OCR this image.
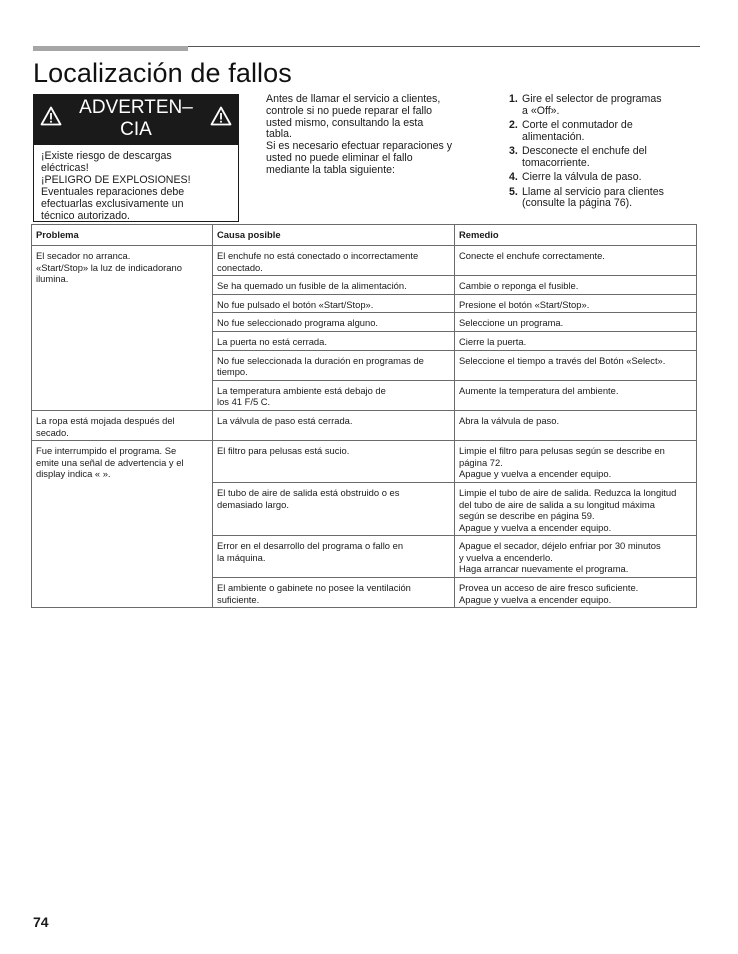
Localización de fallos
ADVERTEN–
CIA
¡Existe riesgo de descargas
eléctricas!
¡PELIGRO DE EXPLOSIONES!
Eventuales reparaciones debe
efectuarlas exclusivamente un
técnico autorizado.

Antes de llamar el servicio a clientes,
controle si no puede reparar el fallo
usted mismo, consultando la esta
tabla.

Si es necesario efectuar reparaciones y
usted no puede eliminar el fallo
mediante la tabla siguiente:

1. Gire el selector de programas
a «Off».
2. Corte el conmutador de
alimentación.
3. Desconecte el enchufe del
tomacorriente.
4. Cierre la válvula de paso.
5. Llame al servicio para clientes
(consulte la página 76).
Problema	Causa posible	Remedio

El secador no arranca.
«Start/Stop» la luz de indicadorano
ilumina.	El enchufe no está conectado o incorrectamente
conectado.	Conecte el enchufe correctamente.

	Se ha quemado un fusible de la alimentación.	Cambie o reponga el fusible.

	No fue pulsado el botón «Start/Stop».	Presione el botón «Start/Stop».

	No fue seleccionado programa alguno.	Seleccione un programa.

	La puerta no está cerrada.	Cierre la puerta.

	No fue seleccionada la duración en programas de
tiempo.	Seleccione el tiempo a través del Botón «Select».

	La temperatura ambiente está debajo de
los 41 F/5 C.	Aumente la temperatura del ambiente.

La ropa está mojada después del
secado.	La válvula de paso está cerrada.	Abra la válvula de paso.

Fue interrumpido el programa. Se
emite una señal de advertencia y el
display indica « ».	El filtro para pelusas está sucio.	Limpie el filtro para pelusas según se describe en
página 72.
Apague y vuelva a encender equipo.

	El tubo de aire de salida está obstruido o es
demasiado largo.	Limpie el tubo de aire de salida. Reduzca la longitud
del tubo de aire de salida a su longitud máxima
según se describe en página 59.
Apague y vuelva a encender equipo.

	Error en el desarrollo del programa o fallo en
la máquina.	Apague el secador, déjelo enfriar por 30 minutos
y vuelva a encenderlo.
Haga arrancar nuevamente el programa.

	El ambiente o gabinete no posee la ventilación
suficiente.	Provea un acceso de aire fresco suficiente.
Apague y vuelva a encender equipo.
74
